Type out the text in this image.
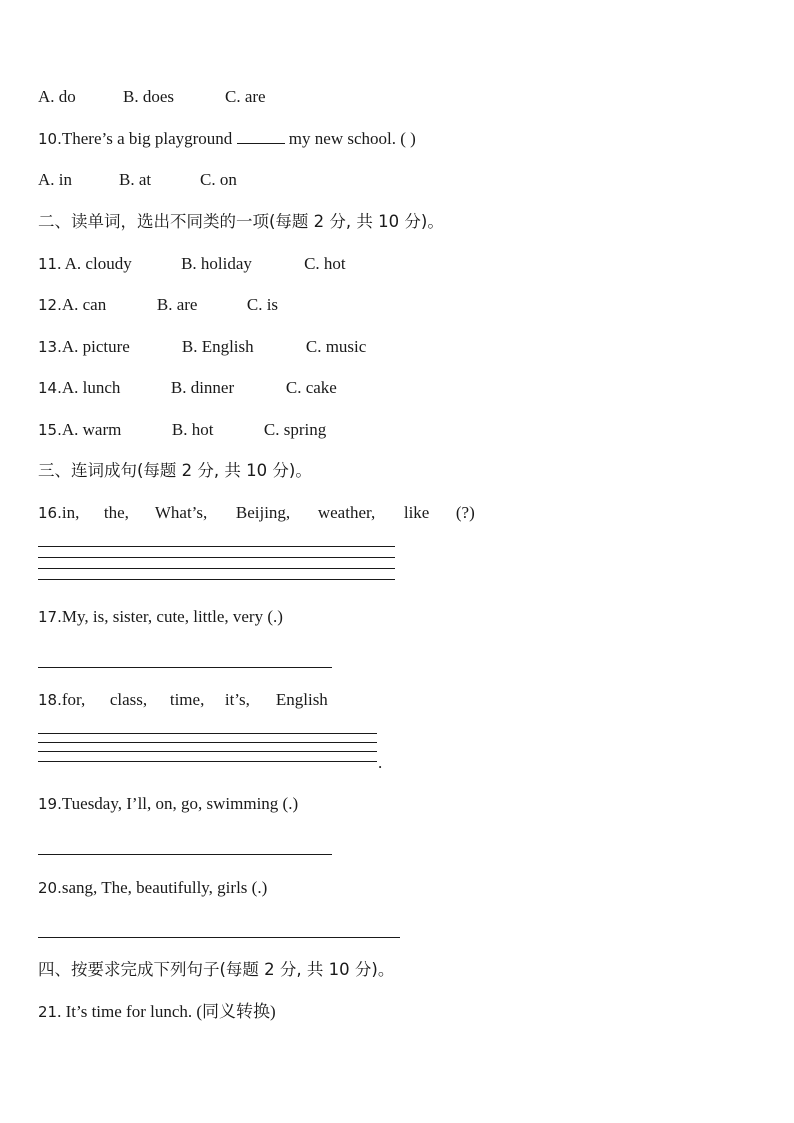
A. do	B. does	C. are
10.There’s a big playground	my new school. ( )
A. in	B. at	C. on
二、读单词，选出不同类的一项(每题 2 分, 共 10 分)。
11. A. cloudy	B. holiday	C. hot
12.A. can	B. are	C. is
13.A. picture	B. English	C. music
14.A. lunch	B. dinner	C. cake
15.A. warm	B. hot	C. spring
三、连词成句(每题 2 分, 共 10 分)。
16.in, the, What’s, Beijing, weather, like (?)
17.My, is, sister, cute, little, very (.)
18.for, class, time, it’s, English
.
19.Tuesday, I’ll, on, go, swimming (.)
20.sang, The, beautifully, girls (.)
四、按要求完成下列句子(每题 2 分, 共 10 分)。
21. It’s time for lunch. (同义转换)
